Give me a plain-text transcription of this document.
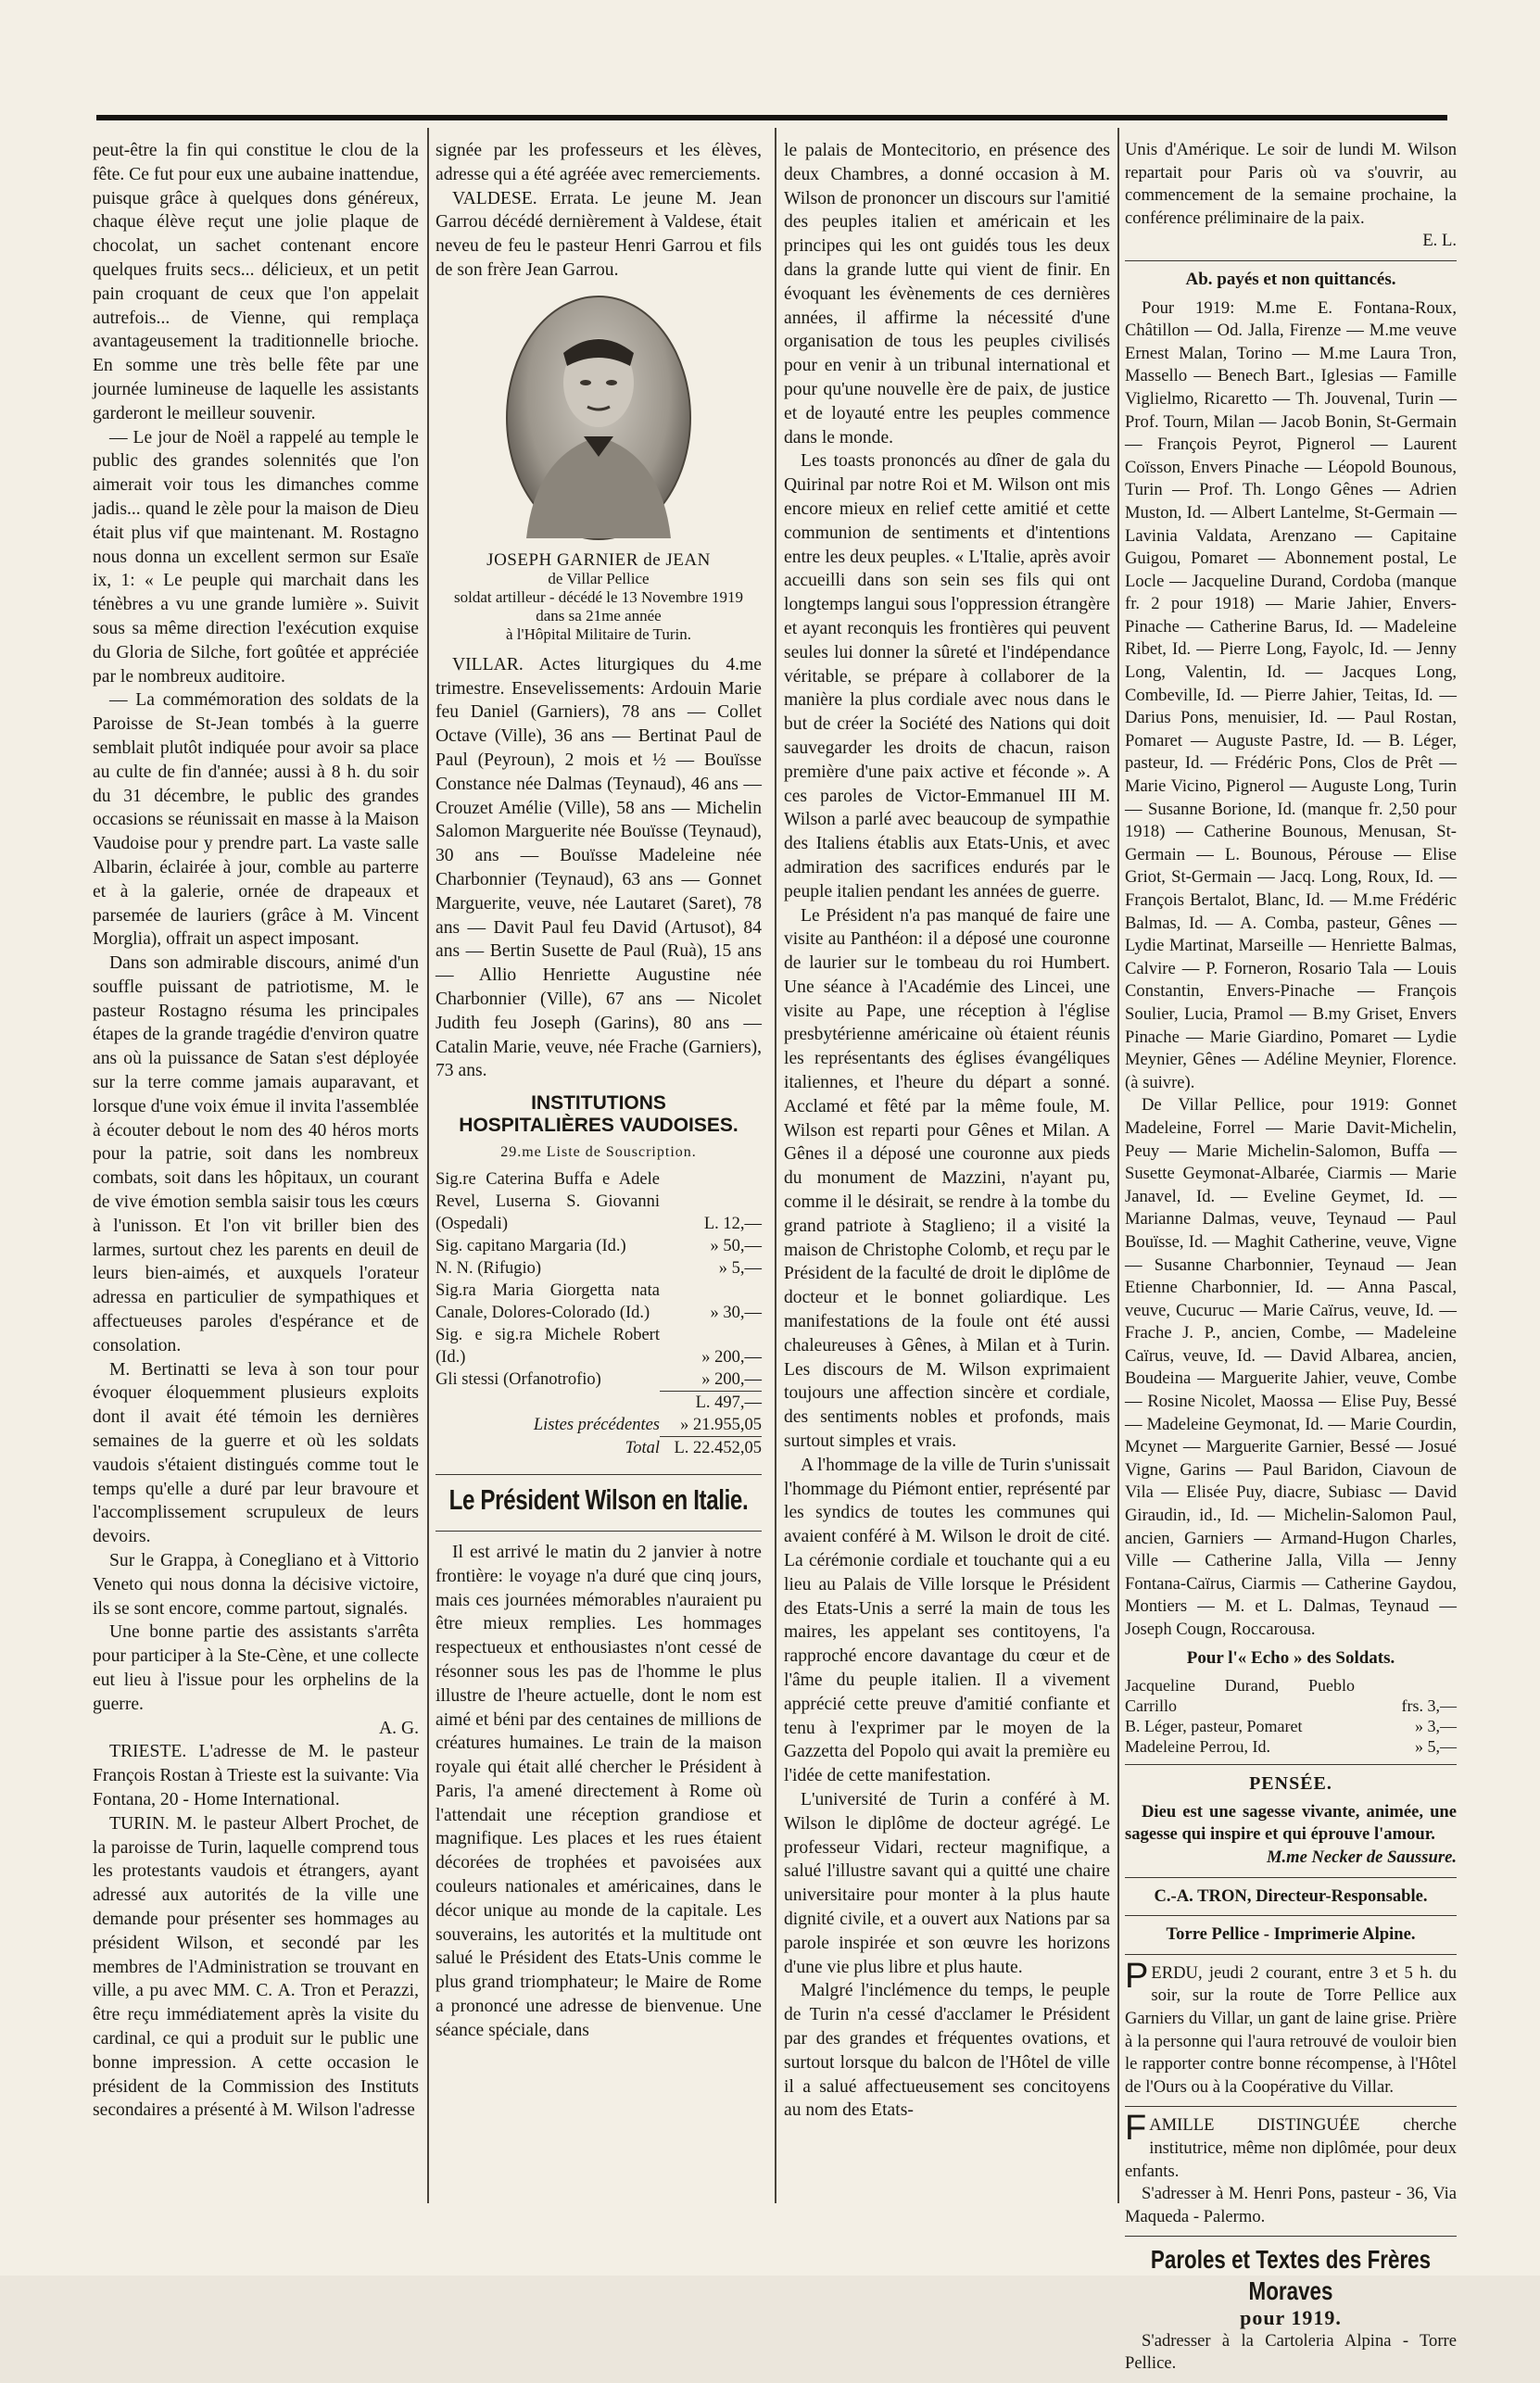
peut-être la fin qui constitue le clou de la fête. Ce fut pour eux une aubaine inattendue, puisque grâce à quelques dons généreux, chaque élève reçut une jolie plaque de chocolat, un sachet contenant encore quelques fruits secs... délicieux, et un petit pain croquant de ceux que l'on appelait autrefois... de Vienne, qui remplaça avantageusement la traditionnelle brioche. En somme une très belle fête par une journée lumineuse de laquelle les assistants garderont le meilleur souvenir.

— Le jour de Noël a rappelé au temple le public des grandes solennités que l'on aimerait voir tous les dimanches comme jadis... quand le zèle pour la maison de Dieu était plus vif que maintenant. M. Rostagno nous donna un excellent sermon sur Esaïe ix, 1: « Le peuple qui marchait dans les ténèbres a vu une grande lumière ». Suivit sous sa même direction l'exécution exquise du Gloria de Silche, fort goûtée et appréciée par le nombreux auditoire.

— La commémoration des soldats de la Paroisse de St-Jean tombés à la guerre semblait plutôt indiquée pour avoir sa place au culte de fin d'année; aussi à 8 h. du soir du 31 décembre, le public des grandes occasions se réunissait en masse à la Maison Vaudoise pour y prendre part. La vaste salle Albarin, éclairée à jour, comble au parterre et à la galerie, ornée de drapeaux et parsemée de lauriers (grâce à M. Vincent Morglia), offrait un aspect imposant.

Dans son admirable discours, animé d'un souffle puissant de patriotisme, M. le pasteur Rostagno résuma les principales étapes de la grande tragédie d'environ quatre ans où la puissance de Satan s'est déployée sur la terre comme jamais auparavant, et lorsque d'une voix émue il invita l'assemblée à écouter debout le nom des 40 héros morts pour la patrie, soit dans les nombreux combats, soit dans les hôpitaux, un courant de vive émotion sembla saisir tous les cœurs à l'unisson. Et l'on vit briller bien des larmes, surtout chez les parents en deuil de leurs bien-aimés, et auxquels l'orateur adressa en particulier de sympathiques et affectueuses paroles d'espérance et de consolation.

M. Bertinatti se leva à son tour pour évoquer éloquemment plusieurs exploits dont il avait été témoin les dernières semaines de la guerre et où les soldats vaudois s'étaient distingués comme tout le temps qu'elle a duré par leur bravoure et l'accomplissement scrupuleux de leurs devoirs.

Sur le Grappa, à Conegliano et à Vittorio Veneto qui nous donna la décisive victoire, ils se sont encore, comme partout, signalés.

Une bonne partie des assistants s'arrêta pour participer à la Ste-Cène, et une collecte eut lieu à l'issue pour les orphelins de la guerre.

A. G.

TRIESTE. L'adresse de M. le pasteur François Rostan à Trieste est la suivante: Via Fontana, 20 - Home International.

TURIN. M. le pasteur Albert Prochet, de la paroisse de Turin, laquelle comprend tous les protestants vaudois et étrangers, ayant adressé aux autorités de la ville une demande pour présenter ses hommages au président Wilson, et secondé par les membres de l'Administration se trouvant en ville, a pu avec MM. C. A. Tron et Perazzi, être reçu immédiatement après la visite du cardinal, ce qui a produit sur le public une bonne impression. A cette occasion le président de la Commission des Instituts secondaires a présenté à M. Wilson l'adresse

signée par les professeurs et les élèves, adresse qui a été agréée avec remerciements.

VALDESE. Errata. Le jeune M. Jean Garrou décédé dernièrement à Valdese, était neveu de feu le pasteur Henri Garrou et fils de son frère Jean Garrou.

JOSEPH GARNIER de JEAN
de Villar Pellice
soldat artilleur - décédé le 13 Novembre 1919
dans sa 21me année
à l'Hôpital Militaire de Turin.

VILLAR. Actes liturgiques du 4.me trimestre. Ensevelissements: Ardouin Marie feu Daniel (Garniers), 78 ans — Collet Octave (Ville), 36 ans — Bertinat Paul de Paul (Peyroun), 2 mois et ½ — Bouïsse Constance née Dalmas (Teynaud), 46 ans — Crouzet Amélie (Ville), 58 ans — Michelin Salomon Marguerite née Bouïsse (Teynaud), 30 ans — Bouïsse Madeleine née Charbonnier (Teynaud), 63 ans — Gonnet Marguerite, veuve, née Lautaret (Saret), 78 ans — Davit Paul feu David (Artusot), 84 ans — Bertin Susette de Paul (Ruà), 15 ans — Allio Henriette Augustine née Charbonnier (Ville), 67 ans — Nicolet Judith feu Joseph (Garins), 80 ans — Catalin Marie, veuve, née Frache (Garniers), 73 ans.

INSTITUTIONS
HOSPITALIÈRES VAUDOISES.
29.me Liste de Souscription.
Sig.re Caterina Buffa e Adele Revel, Luserna S. Giovanni (Ospedali)	L. 12,—
Sig. capitano Margaria (Id.)	» 50,—
N. N. (Rifugio)	» 5,—
Sig.ra Maria Giorgetta nata Canale, Dolores-Colorado (Id.)	» 30,—
Sig. e sig.ra Michele Robert (Id.)	» 200,—
Gli stessi (Orfanotrofio)	» 200,—
	L. 497,—
Listes précédentes	» 21.955,05
Total	L. 22.452,05
Le Président Wilson en Italie.

Il est arrivé le matin du 2 janvier à notre frontière: le voyage n'a duré que cinq jours, mais ces journées mémorables n'auraient pu être mieux remplies. Les hommages respectueux et enthousiastes n'ont cessé de résonner sous les pas de l'homme le plus illustre de l'heure actuelle, dont le nom est aimé et béni par des centaines de millions de créatures humaines. Le train de la maison royale qui était allé chercher le Président à Paris, l'a amené directement à Rome où l'attendait une réception grandiose et magnifique. Les places et les rues étaient décorées de trophées et pavoisées aux couleurs nationales et américaines, dans le décor unique au monde de la capitale. Les souverains, les autorités et la multitude ont salué le Président des Etats-Unis comme le plus grand triomphateur; le Maire de Rome a prononcé une adresse de bienvenue. Une séance spéciale, dans

le palais de Montecitorio, en présence des deux Chambres, a donné occasion à M. Wilson de prononcer un discours sur l'amitié des peuples italien et américain et les principes qui les ont guidés tous les deux dans la grande lutte qui vient de finir. En évoquant les évènements de ces dernières années, il affirme la nécessité d'une organisation de tous les peuples civilisés pour en venir à un tribunal international et pour qu'une nouvelle ère de paix, de justice et de loyauté entre les peuples commence dans le monde.

Les toasts prononcés au dîner de gala du Quirinal par notre Roi et M. Wilson ont mis encore mieux en relief cette amitié et cette communion de sentiments et d'intentions entre les deux peuples. « L'Italie, après avoir accueilli dans son sein ses fils qui ont longtemps langui sous l'oppression étrangère et ayant reconquis les frontières qui peuvent seules lui donner la sûreté et l'indépendance véritable, se prépare à collaborer de la manière la plus cordiale avec nous dans le but de créer la Société des Nations qui doit sauvegarder les droits de chacun, raison première d'une paix active et féconde ». A ces paroles de Victor-Emmanuel III M. Wilson a parlé avec beaucoup de sympathie des Italiens établis aux Etats-Unis, et avec admiration des sacrifices endurés par le peuple italien pendant les années de guerre.

Le Président n'a pas manqué de faire une visite au Panthéon: il a déposé une couronne de laurier sur le tombeau du roi Humbert. Une séance à l'Académie des Lincei, une visite au Pape, une réception à l'église presbytérienne américaine où étaient réunis les représentants des églises évangéliques italiennes, et l'heure du départ a sonné. Acclamé et fêté par la même foule, M. Wilson est reparti pour Gênes et Milan. A Gênes il a déposé une couronne aux pieds du monument de Mazzini, n'ayant pu, comme il le désirait, se rendre à la tombe du grand patriote à Staglieno; il a visité la maison de Christophe Colomb, et reçu par le Président de la faculté de droit le diplôme de docteur et le bonnet goliardique. Les manifestations de la foule ont été aussi chaleureuses à Gênes, à Milan et à Turin. Les discours de M. Wilson exprimaient toujours une affection sincère et cordiale, des sentiments nobles et profonds, mais surtout simples et vrais.

A l'hommage de la ville de Turin s'unissait l'hommage du Piémont entier, représenté par les syndics de toutes les communes qui avaient conféré à M. Wilson le droit de cité. La cérémonie cordiale et touchante qui a eu lieu au Palais de Ville lorsque le Président des Etats-Unis a serré la main de tous les maires, les appelant ses contitoyens, l'a rapproché encore davantage du cœur et de l'âme du peuple italien. Il a vivement apprécié cette preuve d'amitié confiante et tenu à l'exprimer par le moyen de la Gazzetta del Popolo qui avait la première eu l'idée de cette manifestation.

L'université de Turin a conféré à M. Wilson le diplôme de docteur agrégé. Le professeur Vidari, recteur magnifique, a salué l'illustre savant qui a quitté une chaire universitaire pour monter à la plus haute dignité civile, et a ouvert aux Nations par sa parole inspirée et son œuvre les horizons d'une vie plus libre et plus haute.

Malgré l'inclémence du temps, le peuple de Turin n'a cessé d'acclamer le Président par des grandes et fréquentes ovations, et surtout lorsque du balcon de l'Hôtel de ville il a salué affectueusement ses concitoyens au nom des Etats-

Unis d'Amérique. Le soir de lundi M. Wilson repartait pour Paris où va s'ouvrir, au commencement de la semaine prochaine, la conférence préliminaire de la paix.

E. L.

Ab. payés et non quittancés.

Pour 1919: M.me E. Fontana-Roux, Châtillon — Od. Jalla, Firenze — M.me veuve Ernest Malan, Torino — M.me Laura Tron, Massello — Benech Bart., Iglesias — Famille Viglielmo, Ricaretto — Th. Jouvenal, Turin — Prof. Tourn, Milan — Jacob Bonin, St-Germain — François Peyrot, Pignerol — Laurent Coïsson, Envers Pinache — Léopold Bounous, Turin — Prof. Th. Longo Gênes — Adrien Muston, Id. — Albert Lantelme, St-Germain — Lavinia Valdata, Arenzano — Capitaine Guigou, Pomaret — Abonnement postal, Le Locle — Jacqueline Durand, Cordoba (manque fr. 2 pour 1918) — Marie Jahier, Envers-Pinache — Catherine Barus, Id. — Madeleine Ribet, Id. — Pierre Long, Fayolc, Id. — Jenny Long, Valentin, Id. — Jacques Long, Combeville, Id. — Pierre Jahier, Teitas, Id. — Darius Pons, menuisier, Id. — Paul Rostan, Pomaret — Auguste Pastre, Id. — B. Léger, pasteur, Id. — Frédéric Pons, Clos de Prêt — Marie Vicino, Pignerol — Auguste Long, Turin — Susanne Borione, Id. (manque fr. 2,50 pour 1918) — Catherine Bounous, Menusan, St-Germain — L. Bounous, Pérouse — Elise Griot, St-Germain — Jacq. Long, Roux, Id. — François Bertalot, Blanc, Id. — M.me Frédéric Balmas, Id. — A. Comba, pasteur, Gênes — Lydie Martinat, Marseille — Henriette Balmas, Calvire — P. Forneron, Rosario Tala — Louis Constantin, Envers-Pinache — François Soulier, Lucia, Pramol — B.my Griset, Envers Pinache — Marie Giardino, Pomaret — Lydie Meynier, Gênes — Adéline Meynier, Florence. (à suivre).

De Villar Pellice, pour 1919: Gonnet Madeleine, Forrel — Marie Davit-Michelin, Peuy — Marie Michelin-Salomon, Buffa — Susette Geymonat-Albarée, Ciarmis — Marie Janavel, Id. — Eveline Geymet, Id. — Marianne Dalmas, veuve, Teynaud — Paul Bouïsse, Id. — Maghit Catherine, veuve, Vigne — Susanne Charbonnier, Teynaud — Jean Etienne Charbonnier, Id. — Anna Pascal, veuve, Cucuruc — Marie Caïrus, veuve, Id. — Frache J. P., ancien, Combe, — Madeleine Caïrus, veuve, Id. — David Albarea, ancien, Boudeina — Marguerite Jahier, veuve, Combe — Rosine Nicolet, Maossa — Elise Puy, Bessé — Madeleine Geymonat, Id. — Marie Courdin, Mcynet — Marguerite Garnier, Bessé — Josué Vigne, Garins — Paul Baridon, Ciavoun de Vila — Elisée Puy, diacre, Subiasc — David Giraudin, id., Id. — Michelin-Salomon Paul, ancien, Garniers — Armand-Hugon Charles, Ville — Catherine Jalla, Villa — Jenny Fontana-Caïrus, Ciarmis — Catherine Gaydou, Montiers — M. et L. Dalmas, Teynaud — Joseph Cougn, Roccarousa.

Pour l'« Echo » des Soldats.
Jacqueline Durand, Pueblo Carrillo	frs. 3,—
B. Léger, pasteur, Pomaret	» 3,—
Madeleine Perrou, Id.	» 5,—
PENSÉE.

Dieu est une sagesse vivante, animée, une sagesse qui inspire et qui éprouve l'amour.

M.me Necker de Saussure.

C.-A. TRON, Directeur-Responsable.
Torre Pellice - Imprimerie Alpine.

PERDU, jeudi 2 courant, entre 3 et 5 h. du soir, sur la route de Torre Pellice aux Garniers du Villar, un gant de laine grise. Prière à la personne qui l'aura retrouvé de vouloir bien le rapporter contre bonne récompense, à l'Hôtel de l'Ours ou à la Coopérative du Villar.

FAMILLE DISTINGUÉE cherche institutrice, même non diplômée, pour deux enfants.

S'adresser à M. Henri Pons, pasteur - 36, Via Maqueda - Palermo.

Paroles et Textes des Frères Moraves
pour 1919.

S'adresser à la Cartoleria Alpina - Torre Pellice.
